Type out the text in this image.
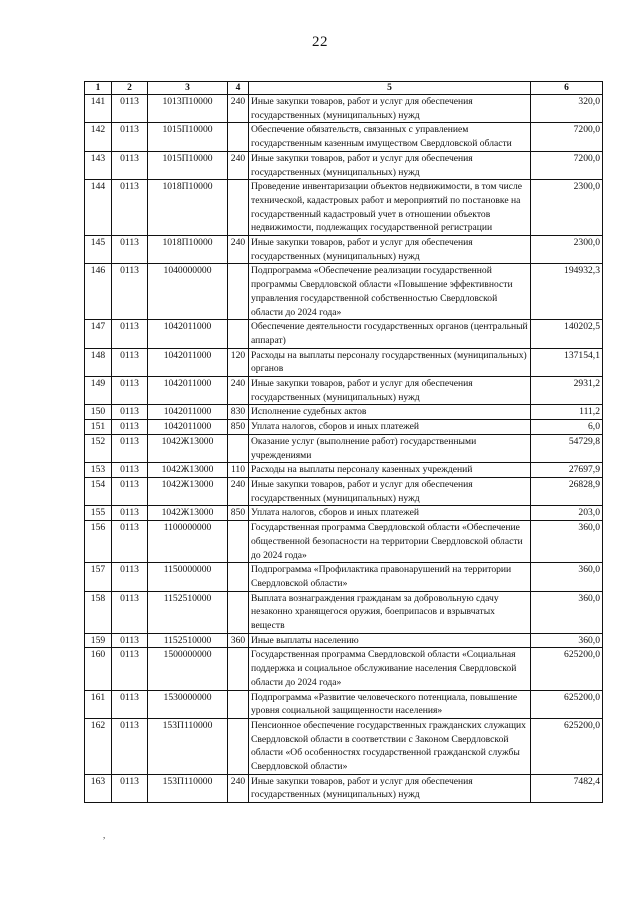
22
1	2	3	4	5	6
141	0113	1013П10000	240	Иные закупки товаров, работ и услуг для обеспечения государственных (муниципальных) нужд	320,0
142	0113	1015П10000		Обеспечение обязательств, связанных с управлением государственным казенным имуществом Свердловской области	7200,0
143	0113	1015П10000	240	Иные закупки товаров, работ и услуг для обеспечения государственных (муниципальных) нужд	7200,0
144	0113	1018П10000		Проведение инвентаризации объектов недвижимости, в том числе технической, кадастровых работ и мероприятий по постановке на государственный кадастровый учет в отношении объектов недвижимости, подлежащих государственной регистрации	2300,0
145	0113	1018П10000	240	Иные закупки товаров, работ и услуг для обеспечения государственных (муниципальных) нужд	2300,0
146	0113	1040000000		Подпрограмма «Обеспечение реализации государственной программы Свердловской области «Повышение эффективности управления государственной собственностью Свердловской области до 2024 года»	194932,3
147	0113	1042011000		Обеспечение деятельности государственных органов (центральный аппарат)	140202,5
148	0113	1042011000	120	Расходы на выплаты персоналу государственных (муниципальных) органов	137154,1
149	0113	1042011000	240	Иные закупки товаров, работ и услуг для обеспечения государственных (муниципальных) нужд	2931,2
150	0113	1042011000	830	Исполнение судебных актов	111,2
151	0113	1042011000	850	Уплата налогов, сборов и иных платежей	6,0
152	0113	1042Ж13000		Оказание услуг (выполнение работ) государственными учреждениями	54729,8
153	0113	1042Ж13000	110	Расходы на выплаты персоналу казенных учреждений	27697,9
154	0113	1042Ж13000	240	Иные закупки товаров, работ и услуг для обеспечения государственных (муниципальных) нужд	26828,9
155	0113	1042Ж13000	850	Уплата налогов, сборов и иных платежей	203,0
156	0113	1100000000		Государственная программа Свердловской области «Обеспечение общественной безопасности на территории Свердловской области до 2024 года»	360,0
157	0113	1150000000		Подпрограмма «Профилактика правонарушений на территории Свердловской области»	360,0
158	0113	1152510000		Выплата вознаграждения гражданам за добровольную сдачу незаконно хранящегося оружия, боеприпасов и взрывчатых веществ	360,0
159	0113	1152510000	360	Иные выплаты населению	360,0
160	0113	1500000000		Государственная программа Свердловской области «Социальная поддержка и социальное обслуживание населения Свердловской области до 2024 года»	625200,0
161	0113	1530000000		Подпрограмма «Развитие человеческого потенциала, повышение уровня социальной защищенности населения»	625200,0
162	0113	153П110000		Пенсионное обеспечение государственных гражданских служащих Свердловской области в соответствии с Законом Свердловской области «Об особенностях государственной гражданской службы Свердловской области»	625200,0
163	0113	153П110000	240	Иные закупки товаров, работ и услуг для обеспечения государственных (муниципальных) нужд	7482,4
,
